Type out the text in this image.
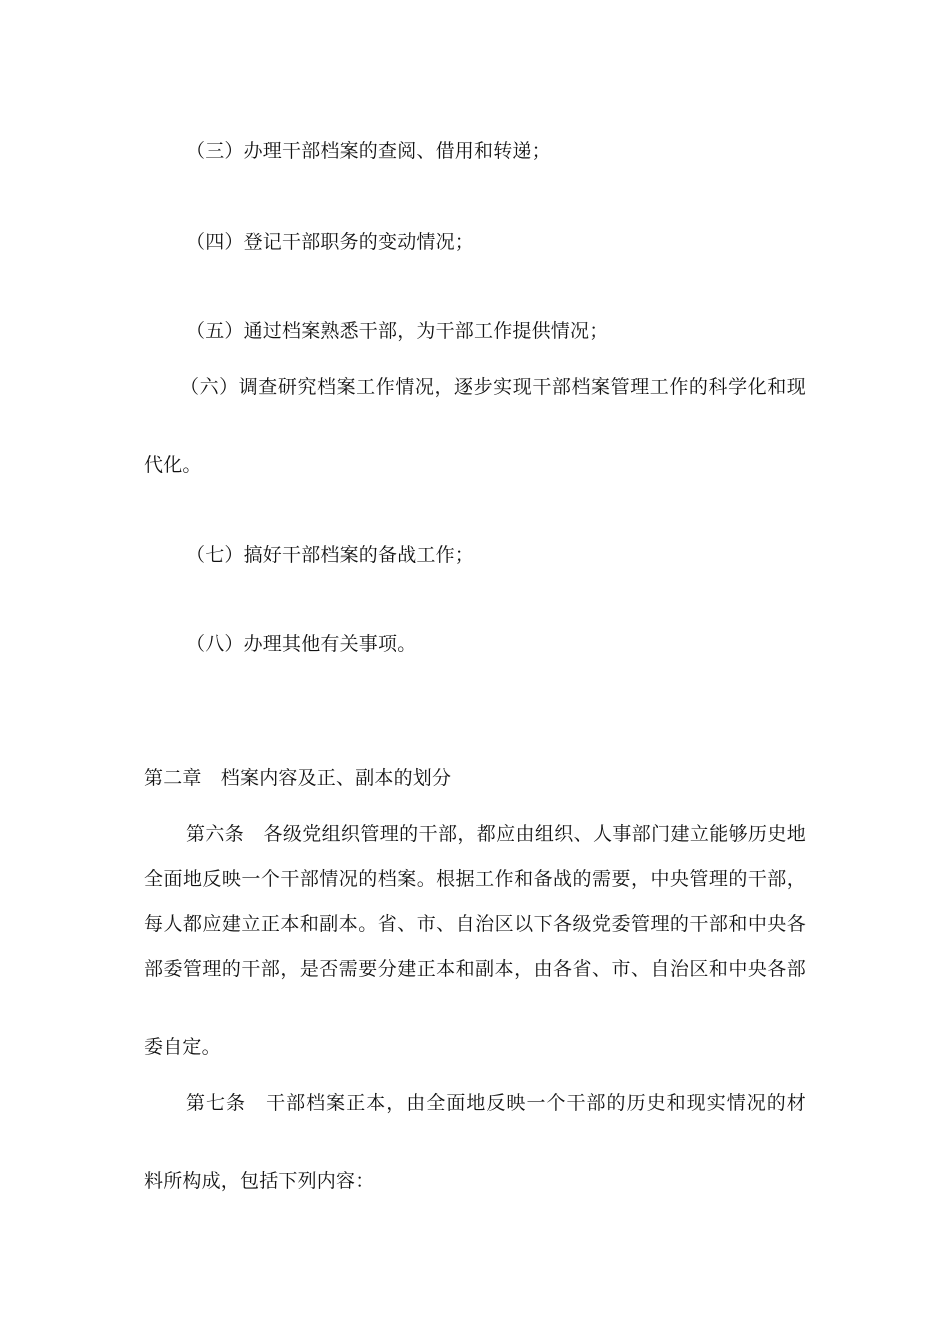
（三）办理干部档案的查阅、借用和转递；
（四）登记干部职务的变动情况；
（五）通过档案熟悉干部，为干部工作提供情况；
（六）调查研究档案工作情况，逐步实现干部档案管理工作的科学化和现
代化。
（七）搞好干部档案的备战工作；
（八）办理其他有关事项。
第二章　档案内容及正、副本的划分
第六条　各级党组织管理的干部，都应由组织、人事部门建立能够历史地
全面地反映一个干部情况的档案。根据工作和备战的需要，中央管理的干部，
每人都应建立正本和副本。省、市、自治区以下各级党委管理的干部和中央各
部委管理的干部，是否需要分建正本和副本，由各省、市、自治区和中央各部
委自定。
第七条　干部档案正本，由全面地反映一个干部的历史和现实情况的材
料所构成，包括下列内容：
